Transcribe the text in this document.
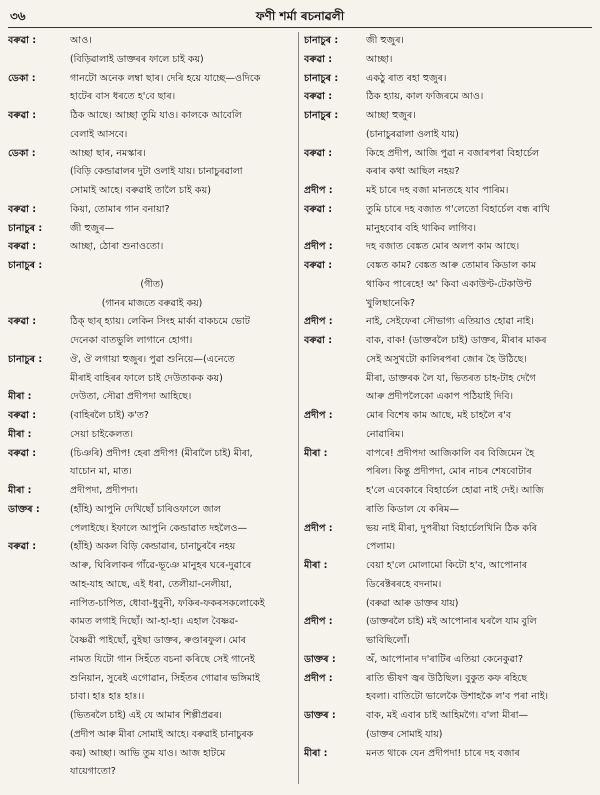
৩৬	ফণী শৰ্মা ৰচনাৱলী
বৰুৱা :	আও।
(বিড়িৱালাই ডাক্তৰৰ ফালে চাই কয়)
ডেকা :	গানটো অনেক লম্বা ছাৰ। দেৰি হয়ে যাচ্ছে—ওদিকে
হাটেৰ বাস ধৰতে হ'বে ছাৰ।
বৰুৱা :	ঠিক আছে। আচ্ছা তুমি যাও। কালকে আবেলি
বেলাই আসবে।
ডেকা :	আচ্ছা ছাৰ, নমস্কাৰ।
(বিড়ি কেন্ডাৱালৰ দুটা ওলাই যায়। চানাচুৰৱালা
সোমাই আহে। বৰুৱাই তালৈ চাই কয়)
বৰুৱা :	কিয়া, তোমাৰ গান বনায়া?
চানাচুৰ :	জী হুজুৰ—
বৰুৱা :	আচ্ছা, ঠোৰা শুনাওতো।
চানাচুৰ :
(গীত)
(গানৰ মাজতে বৰুৱাই কয়)
বৰুৱা :	ঠিক্ ছাৰ্ হ্যায়। লেকিন সিংহ মাৰ্কা বাকচমে ভোট
দেনেকা বাতভুলি লাগানে হোগা।
চানাচুৰ :	ঔ, ঔ লগায়া হুজুৰ। পুৱা শুনিয়ে—(এনেতে
মীৰাই বাহিৰৰ ফালে চাই দেউতাকক কয়)
মীৰা :	দেউতা, সৌৱা প্ৰদীপদা আহিছে।
বৰুৱা :	(বাহিৰলৈ চাই) ক'ত?
মীৰা :	সেয়া চাইকেলত।
বৰুৱা :	(চিঞৰি) প্ৰদীপ! হেৰা প্ৰদীপ! (মীৰালৈ চাই) মীৰা,
যাচোন মা, মাত।
মীৰা :	প্ৰদীপদা, প্ৰদীপদা।
ডাক্তৰ :	(হাঁহি) আপুনি দেখিছোঁ চাৰিওফালে জাল
পেলাইছে। ইফালে আপুনি কেন্ডাৱাত দহলৈও—
বৰুৱা :	(হাঁহি) অকল বিড়ি কেন্ডাৱাৰ, চানাচুৰৰৈ নহয়
আৰু, ঘিৰিলাকৰ গাঁৱে-ভূঞে মানুহৰ ঘৰে-দুৱাৰে
আহ-যাহ আছে, এই ধৰা, তেলীয়া-নেলীয়া,
নাপিত-চাপিত, ধোবা-ধুবুনী, ফকিৰ-ফকৰসকলোকেই
কামত লগাই দিছোঁ। আ-হা-হা। এহাল বৈষ্ণৱ-
বৈষ্ণৱী পাইছোঁ, বুইছা ডাক্তৰ, ৰুণ্ডাৰফুল। মোৰ
নামত যিটো গান সিহঁতে বচনা কৰিছে সেই গানেই
শুনিয়ান, সুৰেই এগোৱান, সিহঁতৰ গোৱাৰ ভঙ্গিমাই
চাবা। হাঃ হাঃ হাঃ।।
(ভিতৰলৈ চাই) এই যে আমাৰ শিল্পীপ্ৰৱৰ।
(প্ৰদীপ আৰু মীৰা সোমাই আহে। বৰুৱাই চানাচুৰক
কয়) আচ্ছা। আভি তুম যাও। আজ হাটমে
যায়েগাতো?
চানাচুৰ :	জী হুজুৰ।
বৰুৱা :	আচ্ছা।
চানাচুৰ :	একঠু ৰাত ৰহা হুজুৰ।
বৰুৱা :	ঠিক হ্যায়, কাল ফজিৰমে আও।
চানাচুৰ :	আচ্ছা হুজুৰ।
(চানাচুৰৱালা ওলাই যায়)
বৰুৱা :	কিহে প্ৰদীপ, আজি পুৱা ন বজাৰপৰা বিহাৰ্চেল
কৰাৰ কথা আছিল নহয়?
প্ৰদীপ :	মই চাৰে দহ বজা মানতহে যাব পাৰিম।
বৰুৱা :	তুমি চাৰে দহ বজাত গ'লেতো বিহাৰ্চেল বন্ধ ৰাখি
মানুহবোৰ বহি থাকিব লাগিব।
প্ৰদীপ :	দহ বজাত বেঙ্কত মোৰ অলপ কাম আছে।
বৰুৱা :	বেঙ্কত কাম? বেঙ্কত আৰু তোমাৰ কিডাল কাম
থাকিব পাৰেহে! অ' কিবা একাউণ্ট-টেকাউণ্ট
খুলিছানেকি?
প্ৰদীপ :	নাই, সেইফেৰা সৌভাগ্য এতিয়াও হোৱা নাই।
বৰুৱা :	বাক, বাক! (ডাক্তৰলৈ চাই) ডাক্তৰ, মীৰাৰ মাকৰ
সেই অসুখটো কালিৰপৰা জোৰ হৈ উঠিছে।
মীৰা, ডাক্তৰক লৈ যা, ভিতৰত চাহ-টাহ দেগৈ
আৰু প্ৰদীপলৈকো একাপ পঠিয়াই দিবি।
প্ৰদীপ :	মোৰ বিশেষ কাম আছে, মই চাহলৈ ৰ'ব
নোৱাৰিম।
মীৰা :	বাপৰে! প্ৰদীপদা আজিকালি বৰ বিজিমেন হৈ
পৰিল। কিন্তু প্ৰদীপদা, মোৰ নাচৰ শেষবোটাৰ
হ'লে এবেকাৰে বিহাৰ্চেল হোৱা নাই দেই। আজি
ৰাতি কিডাল যে কৰিম—
প্ৰদীপ :	ভয় নাই মীৰা, দুপৰীয়া বিহাৰ্চেলখিনি ঠিক কৰি
পেলাম।
মীৰা :	বেয়া হ'লে মোলামো কিটো হ'ব, আপোনাৰ
ডিৰেক্টৰৰহে বদনাম।
(বৰুৱা আৰু ডাক্তৰ যায়)
প্ৰদীপ :	(ডাক্তৰলৈ চাই) মই আপোনাৰ ঘৰলৈ যাম বুলি
ভাবিছিলোঁ।
ডাক্তৰ :	অঁ, আপোনাৰ দ'ৰাটিৰ এতিয়া কেনেকুৱা?
প্ৰদীপ :	ৰাতি ভীষণ জ্বৰ উঠিছিল। বুকুত কফ ৰহিছে
হবলা। বাতিটো ভালেকৈ উশাহকৈ ল'ব পৰা নাই।
ডাক্তৰ :	বাক, মই এবাৰ চাই আহিমগৈ। ব'লা মীৰা—
(ডাক্তৰ সোমাই যায়)
মীৰা :	মনত থাকে যেন প্ৰদীপদা! চাৰে দহ বজাৰ
